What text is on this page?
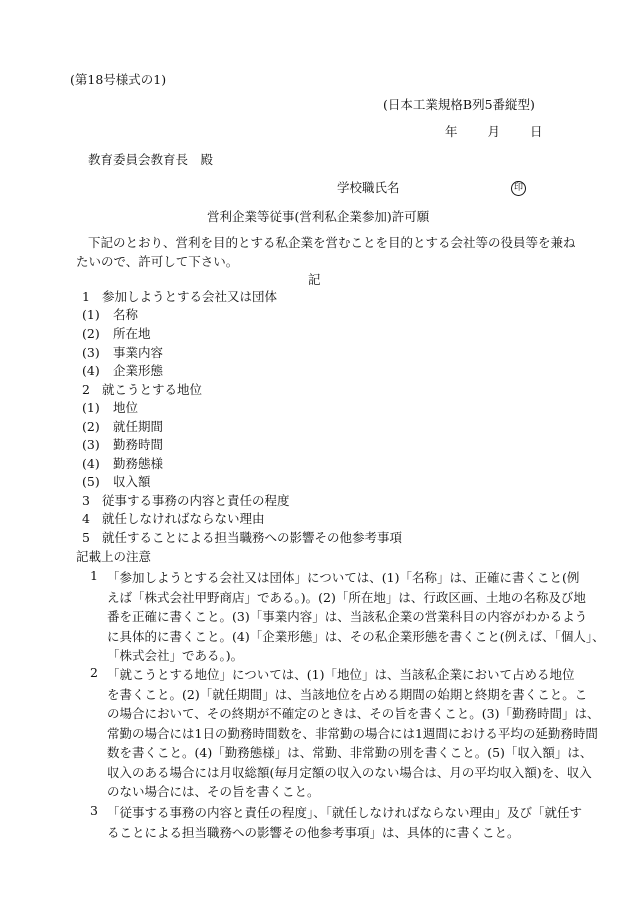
(第18号様式の1)
(日本工業規格B列5番縦型)
年 月 日
教育委員会教育長　殿
学校職氏名	印
営利企業等従事(営利私企業参加)許可願
下記のとおり、営利を目的とする私企業を営むことを目的とする会社等の役員等を兼ね
たいので、許可して下さい。
記
1 参加しようとする会社又は団体
(1) 名称
(2) 所在地
(3) 事業内容
(4) 企業形態
2 就こうとする地位
(1) 地位
(2) 就任期間
(3) 勤務時間
(4) 勤務態様
(5) 収入額
3 従事する事務の内容と責任の程度
4 就任しなければならない理由
5 就任することによる担当職務への影響その他参考事項
記載上の注意
1 「参加しようとする会社又は団体」については、(1)「名称」は、正確に書くこと(例
えば「株式会社甲野商店」である。)。(2)「所在地」は、行政区画、土地の名称及び地
番を正確に書くこと。(3)「事業内容」は、当該私企業の営業科目の内容がわかるよう
に具体的に書くこと。(4)「企業形態」は、その私企業形態を書くこと(例えば、「個人」、
「株式会社」である。)。
2 「就こうとする地位」については、(1)「地位」は、当該私企業において占める地位
を書くこと。(2)「就任期間」は、当該地位を占める期間の始期と終期を書くこと。こ
の場合において、その終期が不確定のときは、その旨を書くこと。(3)「勤務時間」は、
常勤の場合には1日の勤務時間数を、非常勤の場合には1週間における平均の延勤務時間
数を書くこと。(4)「勤務態様」は、常勤、非常勤の別を書くこと。(5)「収入額」は、
収入のある場合には月収総額(毎月定額の収入のない場合は、月の平均収入額)を、収入
のない場合には、その旨を書くこと。
3 「従事する事務の内容と責任の程度」、「就任しなければならない理由」及び「就任す
ることによる担当職務への影響その他参考事項」は、具体的に書くこと。
